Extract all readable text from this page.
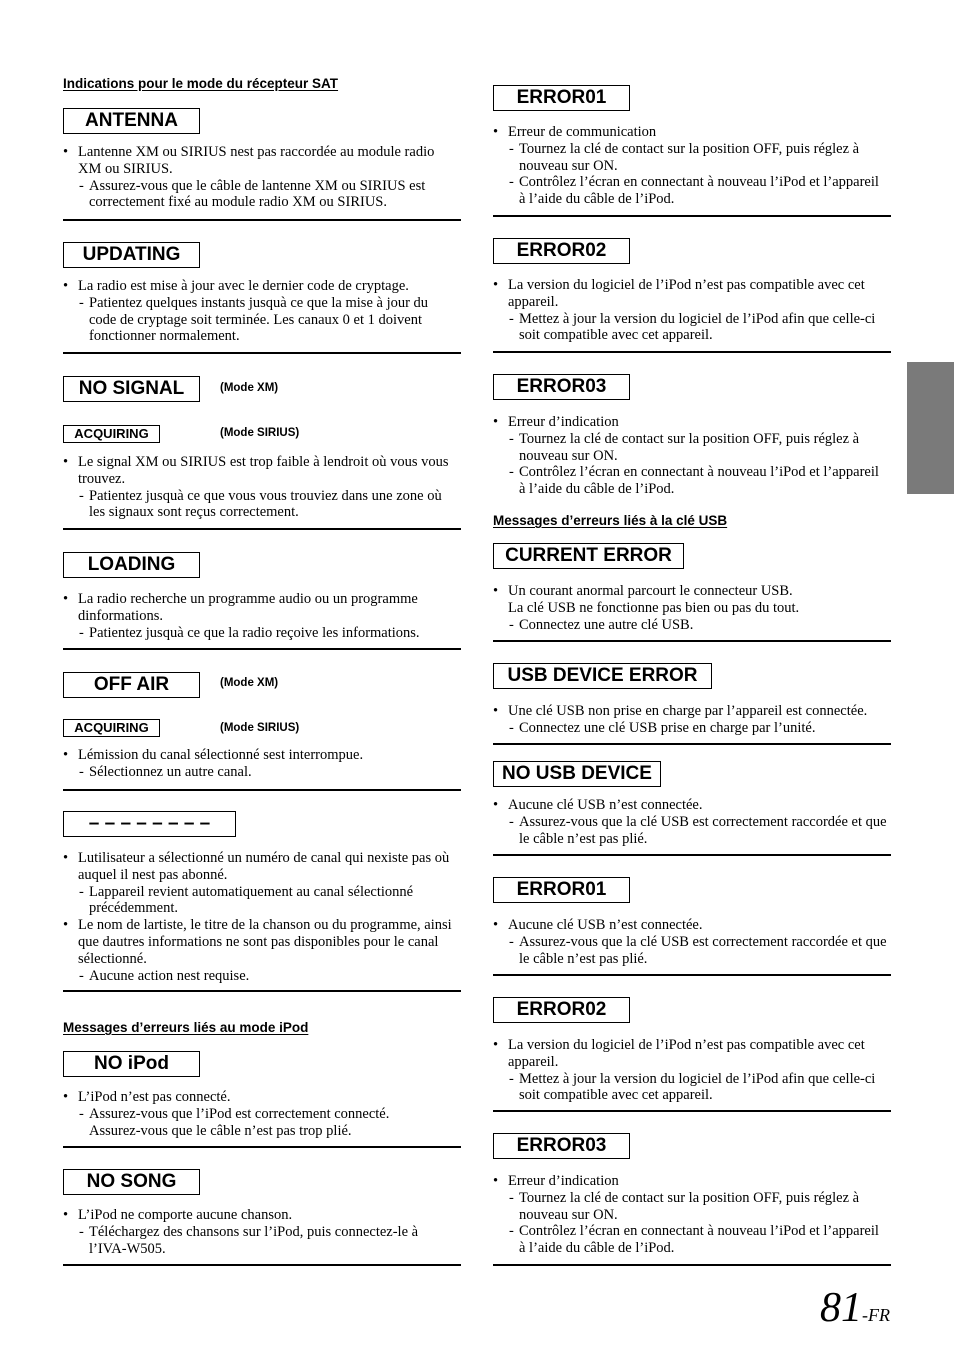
Indications pour le mode du récepteur SAT
ANTENNA
• Lantenne XM ou SIRIUS nest pas raccordée au module radio
XM ou SIRIUS.
- Assurez-vous que le câble de lantenne XM ou SIRIUS est
correctement fixé au module radio XM ou SIRIUS.
UPDATING
• La radio est mise à jour avec le dernier code de cryptage.
- Patientez quelques instants jusquà ce que la mise à jour du
code de cryptage soit terminée. Les canaux 0 et 1 doivent
fonctionner normalement.
NO SIGNAL	(Mode XM)
ACQUIRING	(Mode SIRIUS)
• Le signal XM ou SIRIUS est trop faible à lendroit où vous vous
trouvez.
- Patientez jusquà ce que vous vous trouviez dans une zone où
les signaux sont reçus correctement.
LOADING
• La radio recherche un programme audio ou un programme
dinformations.
- Patientez jusquà ce que la radio reçoive les informations.
OFF AIR	(Mode XM)
ACQUIRING	(Mode SIRIUS)
• Lémission du canal sélectionné sest interrompue.
- Sélectionnez un autre canal.
– – – – – – – –
• Lutilisateur a sélectionné un numéro de canal qui nexiste pas où
auquel il nest pas abonné.
- Lappareil revient automatiquement au canal sélectionné
précédemment.
• Le nom de lartiste, le titre de la chanson ou du programme, ainsi
que dautres informations ne sont pas disponibles pour le canal
sélectionné.
- Aucune action nest requise.
Messages d’erreurs liés au mode iPod
NO iPod
• L’iPod n’est pas connecté.
- Assurez-vous que l’iPod est correctement connecté.
Assurez-vous que le câble n’est pas trop plié.
NO SONG
• L’iPod ne comporte aucune chanson.
- Téléchargez des chansons sur l’iPod, puis connectez-le à
l’IVA-W505.
ERROR01
• Erreur de communication
- Tournez la clé de contact sur la position OFF, puis réglez à
nouveau sur ON.
- Contrôlez l’écran en connectant à nouveau l’iPod et l’appareil
à l’aide du câble de l’iPod.
ERROR02
• La version du logiciel de l’iPod n’est pas compatible avec cet
appareil.
- Mettez à jour la version du logiciel de l’iPod afin que celle-ci
soit compatible avec cet appareil.
ERROR03
• Erreur d’indication
- Tournez la clé de contact sur la position OFF, puis réglez à
nouveau sur ON.
- Contrôlez l’écran en connectant à nouveau l’iPod et l’appareil
à l’aide du câble de l’iPod.
Messages d’erreurs liés à la clé USB
CURRENT ERROR
• Un courant anormal parcourt le connecteur USB.
La clé USB ne fonctionne pas bien ou pas du tout.
- Connectez une autre clé USB.
USB DEVICE ERROR
• Une clé USB non prise en charge par l’appareil est connectée.
- Connectez une clé USB prise en charge par l’unité.
NO USB DEVICE
• Aucune clé USB n’est connectée.
- Assurez-vous que la clé USB est correctement raccordée et que
le câble n’est pas plié.
ERROR01
• Aucune clé USB n’est connectée.
- Assurez-vous que la clé USB est correctement raccordée et que
le câble n’est pas plié.
ERROR02
• La version du logiciel de l’iPod n’est pas compatible avec cet
appareil.
- Mettez à jour la version du logiciel de l’iPod afin que celle-ci
soit compatible avec cet appareil.
ERROR03
• Erreur d’indication
- Tournez la clé de contact sur la position OFF, puis réglez à
nouveau sur ON.
- Contrôlez l’écran en connectant à nouveau l’iPod et l’appareil
à l’aide du câble de l’iPod.
81-FR
